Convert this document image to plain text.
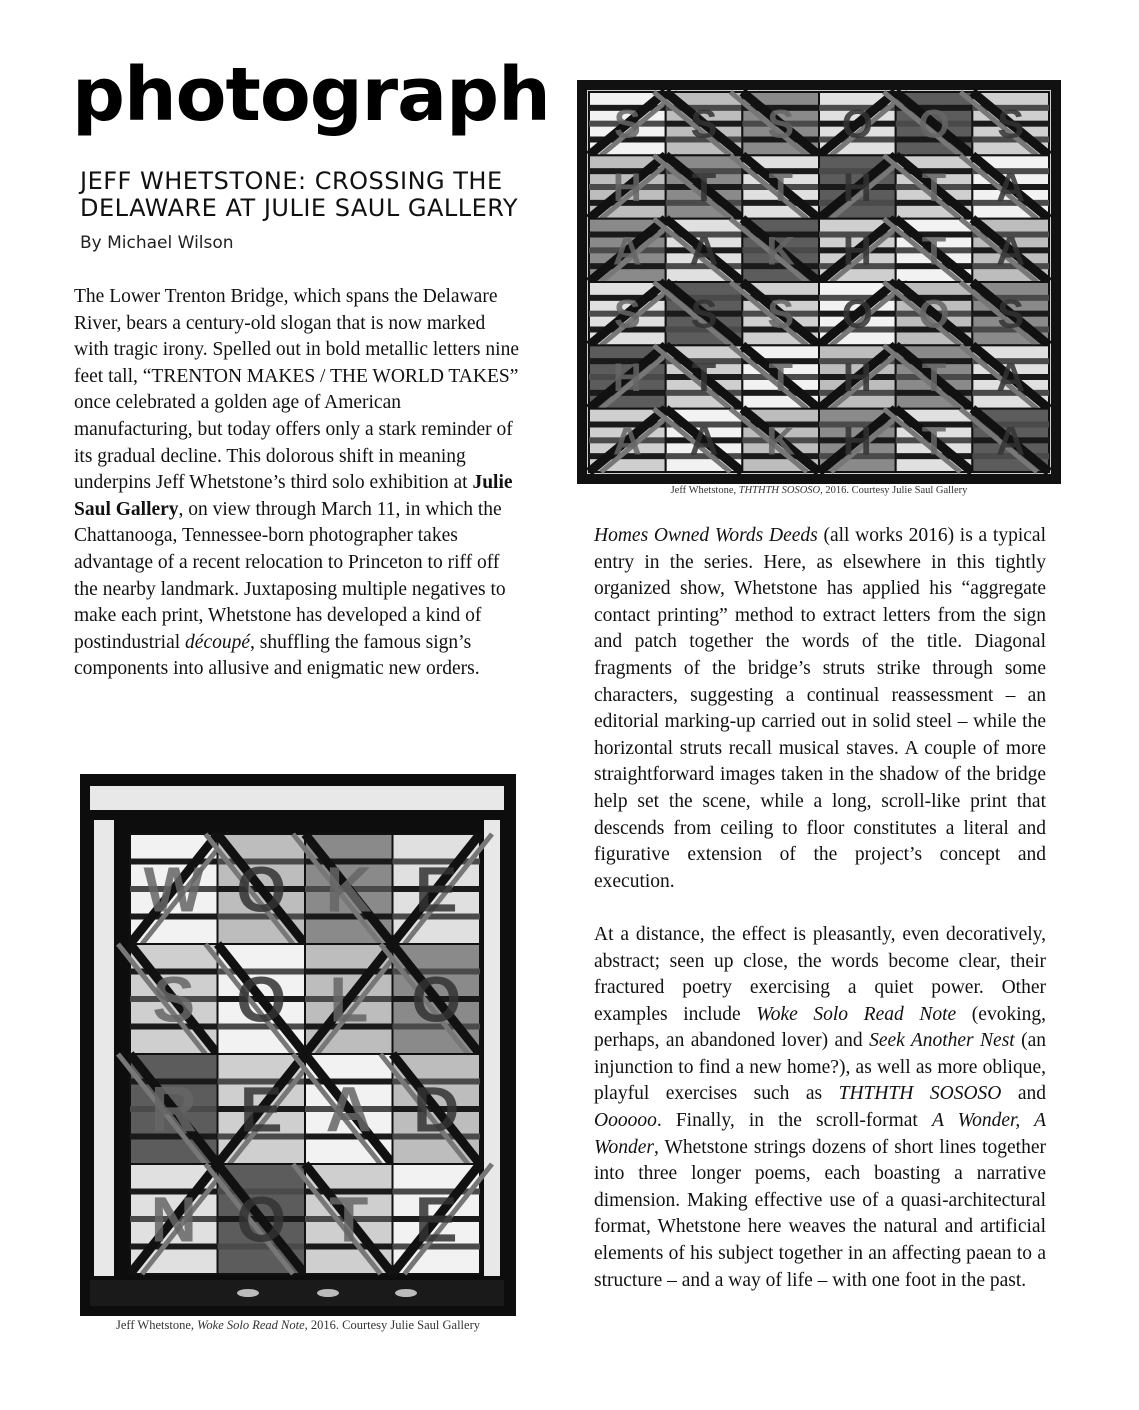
photograph
JEFF WHETSTONE: CROSSING THE DELAWARE AT JULIE SAUL GALLERY
By Michael Wilson

The Lower Trenton Bridge, which spans the Delaware River, bears a century-old slogan that is now marked with tragic irony. Spelled out in bold metallic letters nine feet tall, “TRENTON MAKES / THE WORLD TAKES” once celebrated a golden age of American manufacturing, but today offers only a stark reminder of its gradual decline. This dolorous shift in meaning underpins Jeff Whetstone’s third solo exhibition at Julie Saul Gallery, on view through March 11, in which the Chattanooga, Tennessee-born photographer takes advantage of a recent relocation to Princeton to riff off the nearby landmark. Juxtaposing multiple negatives to make each print, Whetstone has developed a kind of postindustrial découpé, shuffling the famous sign’s components into allusive and enigmatic new orders.

Homes Owned Words Deeds (all works 2016) is a typical entry in the series. Here, as elsewhere in this tightly organized show, Whetstone has applied his “aggregate contact printing” method to extract letters from the sign and patch together the words of the title. Diagonal fragments of the bridge’s struts strike through some characters, suggesting a continual reassessment – an editorial marking-up carried out in solid steel – while the horizontal struts recall musical staves. A couple of more straightforward images taken in the shadow of the bridge help set the scene, while a long, scroll-like print that descends from ceiling to floor constitutes a literal and figurative extension of the project’s concept and execution.

At a distance, the effect is pleasantly, even decoratively, abstract; seen up close, the words become clear, their fractured poetry exercising a quiet power. Other examples include Woke Solo Read Note (evoking, perhaps, an abandoned lover) and Seek Another Nest (an injunction to find a new home?), as well as more oblique, playful exercises such as THTHTH SOSOSO and Oooooo. Finally, in the scroll-format A Wonder, A Wonder, Whetstone strings dozens of short lines together into three longer poems, each boasting a narrative dimension. Making effective use of a quasi-architectural format, Whetstone here weaves the natural and artificial elements of his subject together in an affecting paean to a structure – and a way of life – with one foot in the past.

S S S O O S
H T T H T A
A A K H T A
S S S O O S
H T T H T A
A A K H T A
Jeff Whetstone, THTHTH SOSOSO, 2016. Courtesy Julie Saul Gallery
W O K E
S O L O
R E A D
N O T E
Jeff Whetstone, Woke Solo Read Note, 2016. Courtesy Julie Saul Gallery
